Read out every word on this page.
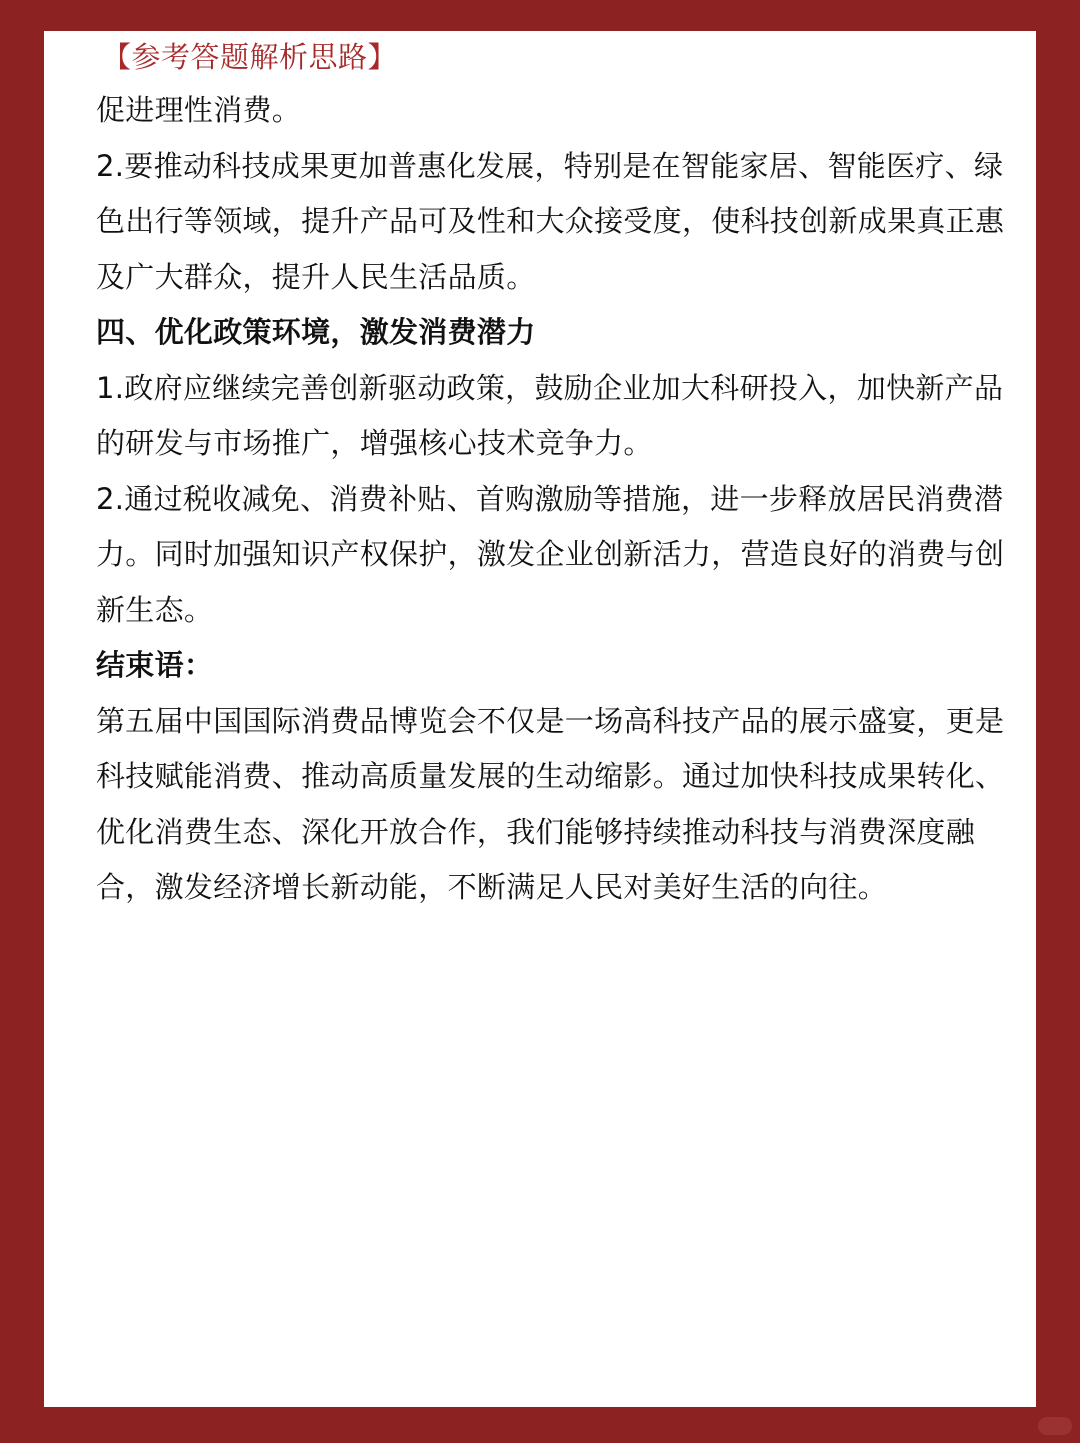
【参考答题解析思路】

促进理性消费。

2.要推动科技成果更加普惠化发展，特别是在智能家居、智能医疗、绿色出行等领域，提升产品可及性和大众接受度，使科技创新成果真正惠及广大群众，提升人民生活品质。

四、优化政策环境，激发消费潜力

1.政府应继续完善创新驱动政策，鼓励企业加大科研投入，加快新产品的研发与市场推广，增强核心技术竞争力。

2.通过税收减免、消费补贴、首购激励等措施，进一步释放居民消费潜力。同时加强知识产权保护，激发企业创新活力，营造良好的消费与创新生态。

结束语：

第五届中国国际消费品博览会不仅是一场高科技产品的展示盛宴，更是科技赋能消费、推动高质量发展的生动缩影。通过加快科技成果转化、优化消费生态、深化开放合作，我们能够持续推动科技与消费深度融合，激发经济增长新动能，不断满足人民对美好生活的向往。
